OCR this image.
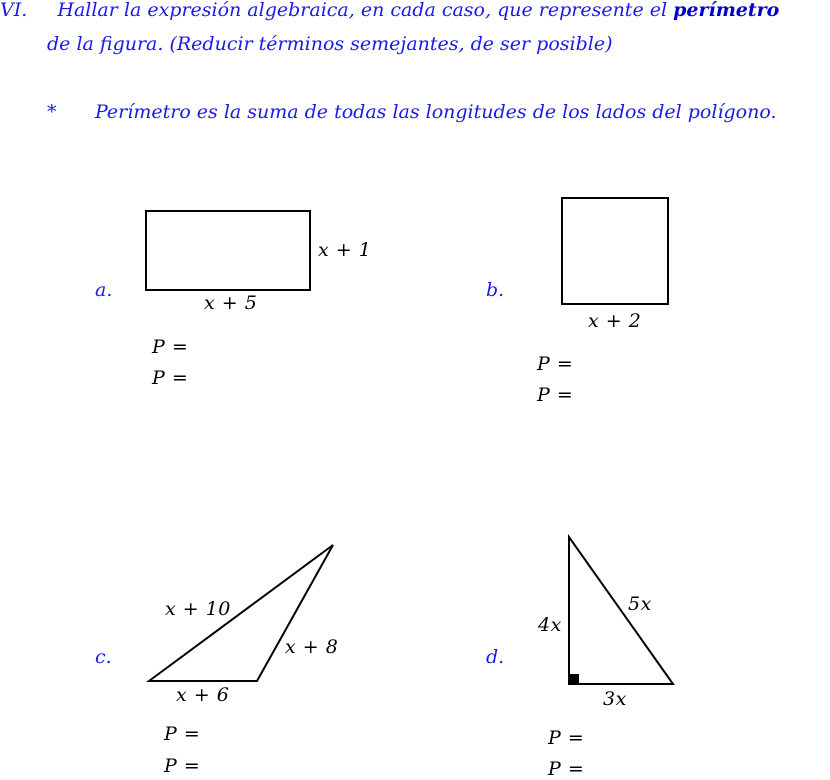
VI. Hallar la expresión algebraica, en cada caso, que represente el perímetro
de la figura. (Reducir términos semejantes, de ser posible)
* Perímetro es la suma de todas las longitudes de los lados del polígono.
a.
x + 1
x + 5
P =
P =
b.
x + 2
P =
P =
c.
x + 10
x + 8
x + 6
P =
P =
d.
4x
5x
3x
P =
P =
